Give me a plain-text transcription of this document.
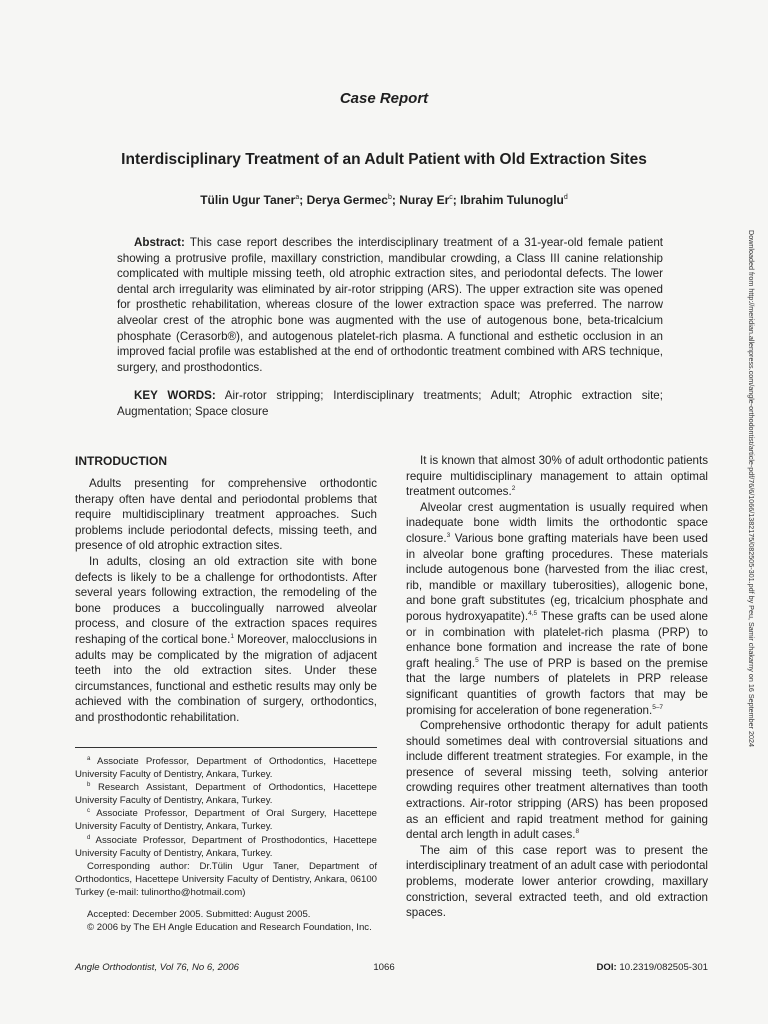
Case Report
Interdisciplinary Treatment of an Adult Patient with Old Extraction Sites
Tülin Ugur Taner$^a$; Derya Germec$^b$; Nuray Er$^c$; Ibrahim Tulunoglu$^d$
Abstract: This case report describes the interdisciplinary treatment of a 31-year-old female patient showing a protrusive profile, maxillary constriction, mandibular crowding, a Class III canine relationship complicated with multiple missing teeth, old atrophic extraction sites, and periodontal defects. The lower dental arch irregularity was eliminated by air-rotor stripping (ARS). The upper extraction site was opened for prosthetic rehabilitation, whereas closure of the lower extraction space was preferred. The narrow alveolar crest of the atrophic bone was augmented with the use of autogenous bone, beta-tricalcium phosphate (Cerasorb®), and autogenous platelet-rich plasma. A functional and esthetic occlusion in an improved facial profile was established at the end of orthodontic treatment combined with ARS technique, surgery, and prosthodontics.
KEY WORDS: Air-rotor stripping; Interdisciplinary treatments; Adult; Atrophic extraction site; Augmentation; Space closure
INTRODUCTION

Adults presenting for comprehensive orthodontic therapy often have dental and periodontal problems that require multidisciplinary treatment approaches. Such problems include periodontal defects, missing teeth, and presence of old atrophic extraction sites.

In adults, closing an old extraction site with bone defects is likely to be a challenge for orthodontists. After several years following extraction, the remodeling of the bone produces a buccolingually narrowed alveolar process, and closure of the extraction spaces requires reshaping of the cortical bone.$^1$ Moreover, malocclusions in adults may be complicated by the migration of adjacent teeth into the old extraction sites. Under these circumstances, functional and esthetic results may only be achieved with the combination of surgery, orthodontics, and prosthodontic rehabilitation.

It is known that almost 30% of adult orthodontic patients require multidisciplinary management to attain optimal treatment outcomes.$^2$

Alveolar crest augmentation is usually required when inadequate bone width limits the orthodontic space closure.$^3$ Various bone grafting materials have been used in alveolar bone grafting procedures. These materials include autogenous bone (harvested from the iliac crest, rib, mandible or maxillary tuberosities), allogenic bone, and bone graft substitutes (eg, tricalcium phosphate and porous hydroxyapatite).$^{4,5}$ These grafts can be used alone or in combination with platelet-rich plasma (PRP) to enhance bone formation and increase the rate of bone graft healing.$^5$ The use of PRP is based on the premise that the large numbers of platelets in PRP release significant quantities of growth factors that may be promising for acceleration of bone regeneration.$^{5-7}$

Comprehensive orthodontic therapy for adult patients should sometimes deal with controversial situations and include different treatment strategies. For example, in the presence of several missing teeth, solving anterior crowding requires other treatment alternatives than tooth extractions. Air-rotor stripping (ARS) has been proposed as an efficient and rapid treatment method for gaining dental arch length in adult cases.$^8$

The aim of this case report was to present the interdisciplinary treatment of an adult case with periodontal problems, moderate lower anterior crowding, maxillary constriction, several extracted teeth, and old extraction spaces.

$^a$ Associate Professor, Department of Orthodontics, Hacettepe University Faculty of Dentistry, Ankara, Turkey.

$^b$ Research Assistant, Department of Orthodontics, Hacettepe University Faculty of Dentistry, Ankara, Turkey.

$^c$ Associate Professor, Department of Oral Surgery, Hacettepe University Faculty of Dentistry, Ankara, Turkey.

$^d$ Associate Professor, Department of Prosthodontics, Hacettepe University Faculty of Dentistry, Ankara, Turkey.

Corresponding author: Dr.Tülin Ugur Taner, Department of Orthodontics, Hacettepe University Faculty of Dentistry, Ankara, 06100 Turkey (e-mail: tulinortho@hotmail.com)

Accepted: December 2005. Submitted: August 2005.

© 2006 by The EH Angle Education and Research Foundation, Inc.

Angle Orthodontist, Vol 76, No 6, 2006	1066	DOI: 10.2319/082505-301
Downloaded from http://meridian.allenpress.com/angle-orthodontist/article-pdf/76/6/1066/1382175/082505-301.pdf by Peu, Samir chakarny on 16 September 2024
